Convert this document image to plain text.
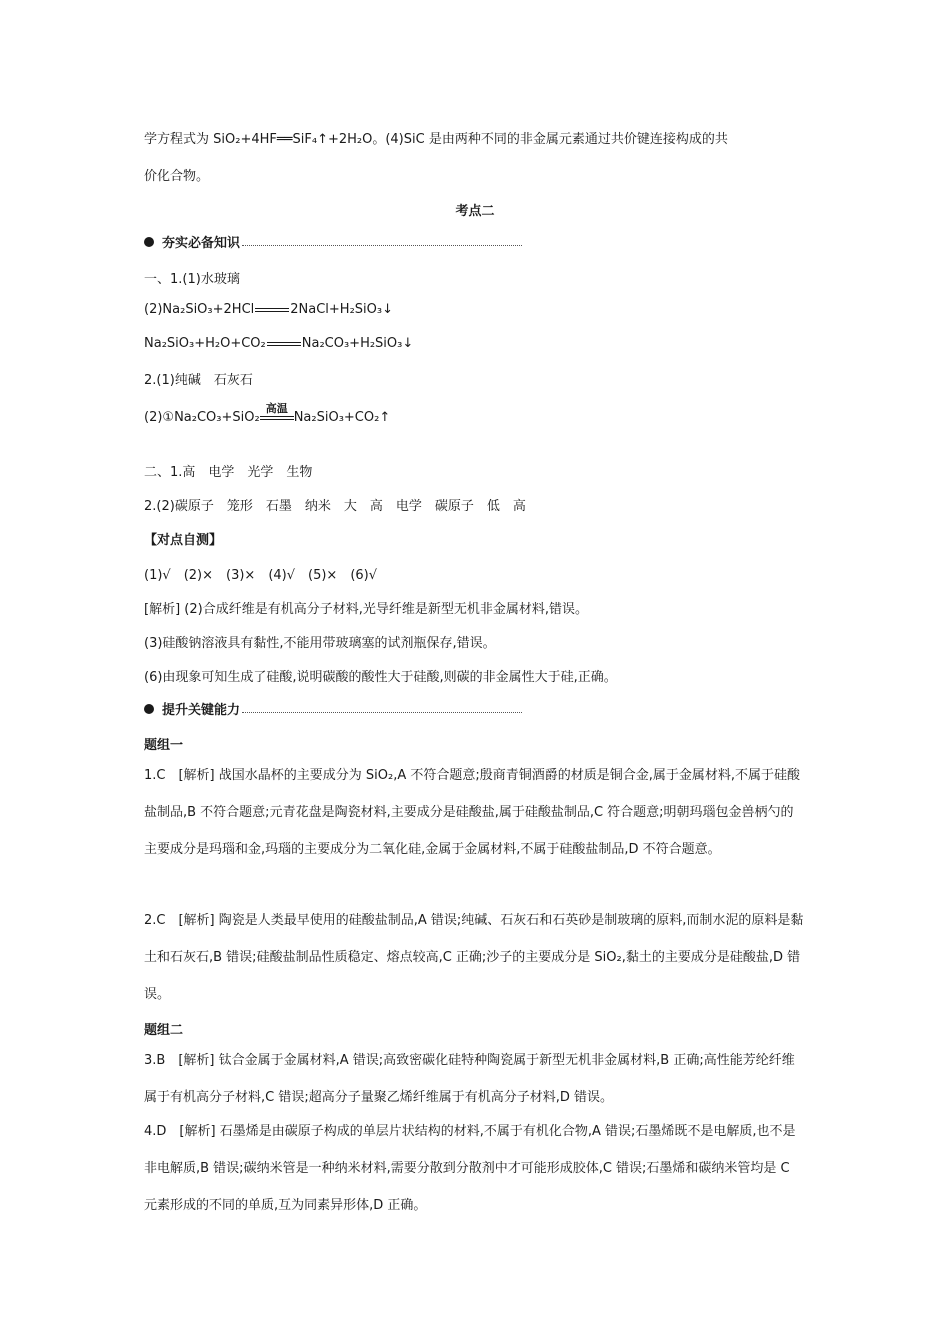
学方程式为 SiO₂+4HF══SiF₄↑+2H₂O。(4)SiC 是由两种不同的非金属元素通过共价键连接构成的共
价化合物。
考点二
夯实必备知识
一、1.(1)水玻璃
(2)Na₂SiO₃+2HCl	2NaCl+H₂SiO₃↓
Na₂SiO₃+H₂O+CO₂	Na₂CO₃+H₂SiO₃↓
2.(1)纯碱　石灰石
(2)①Na₂CO₃+SiO₂
高温
Na₂SiO₃+CO₂↑
二、1.高　电学　光学　生物
2.(2)碳原子　笼形　石墨　纳米　大　高　电学　碳原子　低　高
【对点自测】
(1)√　(2)×　(3)×　(4)√　(5)×　(6)√
[解析] (2)合成纤维是有机高分子材料,光导纤维是新型无机非金属材料,错误。
(3)硅酸钠溶液具有黏性,不能用带玻璃塞的试剂瓶保存,错误。
(6)由现象可知生成了硅酸,说明碳酸的酸性大于硅酸,则碳的非金属性大于硅,正确。
提升关键能力
题组一
1.C　[解析] 战国水晶杯的主要成分为 SiO₂,A 不符合题意;殷商青铜酒爵的材质是铜合金,属于金属材料,不属于硅酸盐制品,B 不符合题意;元青花盘是陶瓷材料,主要成分是硅酸盐,属于硅酸盐制品,C 符合题意;明朝玛瑙包金兽柄勺的主要成分是玛瑙和金,玛瑙的主要成分为二氧化硅,金属于金属材料,不属于硅酸盐制品,D 不符合题意。
2.C　[解析] 陶瓷是人类最早使用的硅酸盐制品,A 错误;纯碱、石灰石和石英砂是制玻璃的原料,而制水泥的原料是黏土和石灰石,B 错误;硅酸盐制品性质稳定、熔点较高,C 正确;沙子的主要成分是 SiO₂,黏土的主要成分是硅酸盐,D 错误。
题组二
3.B　[解析] 钛合金属于金属材料,A 错误;高致密碳化硅特种陶瓷属于新型无机非金属材料,B 正确;高性能芳纶纤维属于有机高分子材料,C 错误;超高分子量聚乙烯纤维属于有机高分子材料,D 错误。
4.D　[解析] 石墨烯是由碳原子构成的单层片状结构的材料,不属于有机化合物,A 错误;石墨烯既不是电解质,也不是非电解质,B 错误;碳纳米管是一种纳米材料,需要分散到分散剂中才可能形成胶体,C 错误;石墨烯和碳纳米管均是 C 元素形成的不同的单质,互为同素异形体,D 正确。
